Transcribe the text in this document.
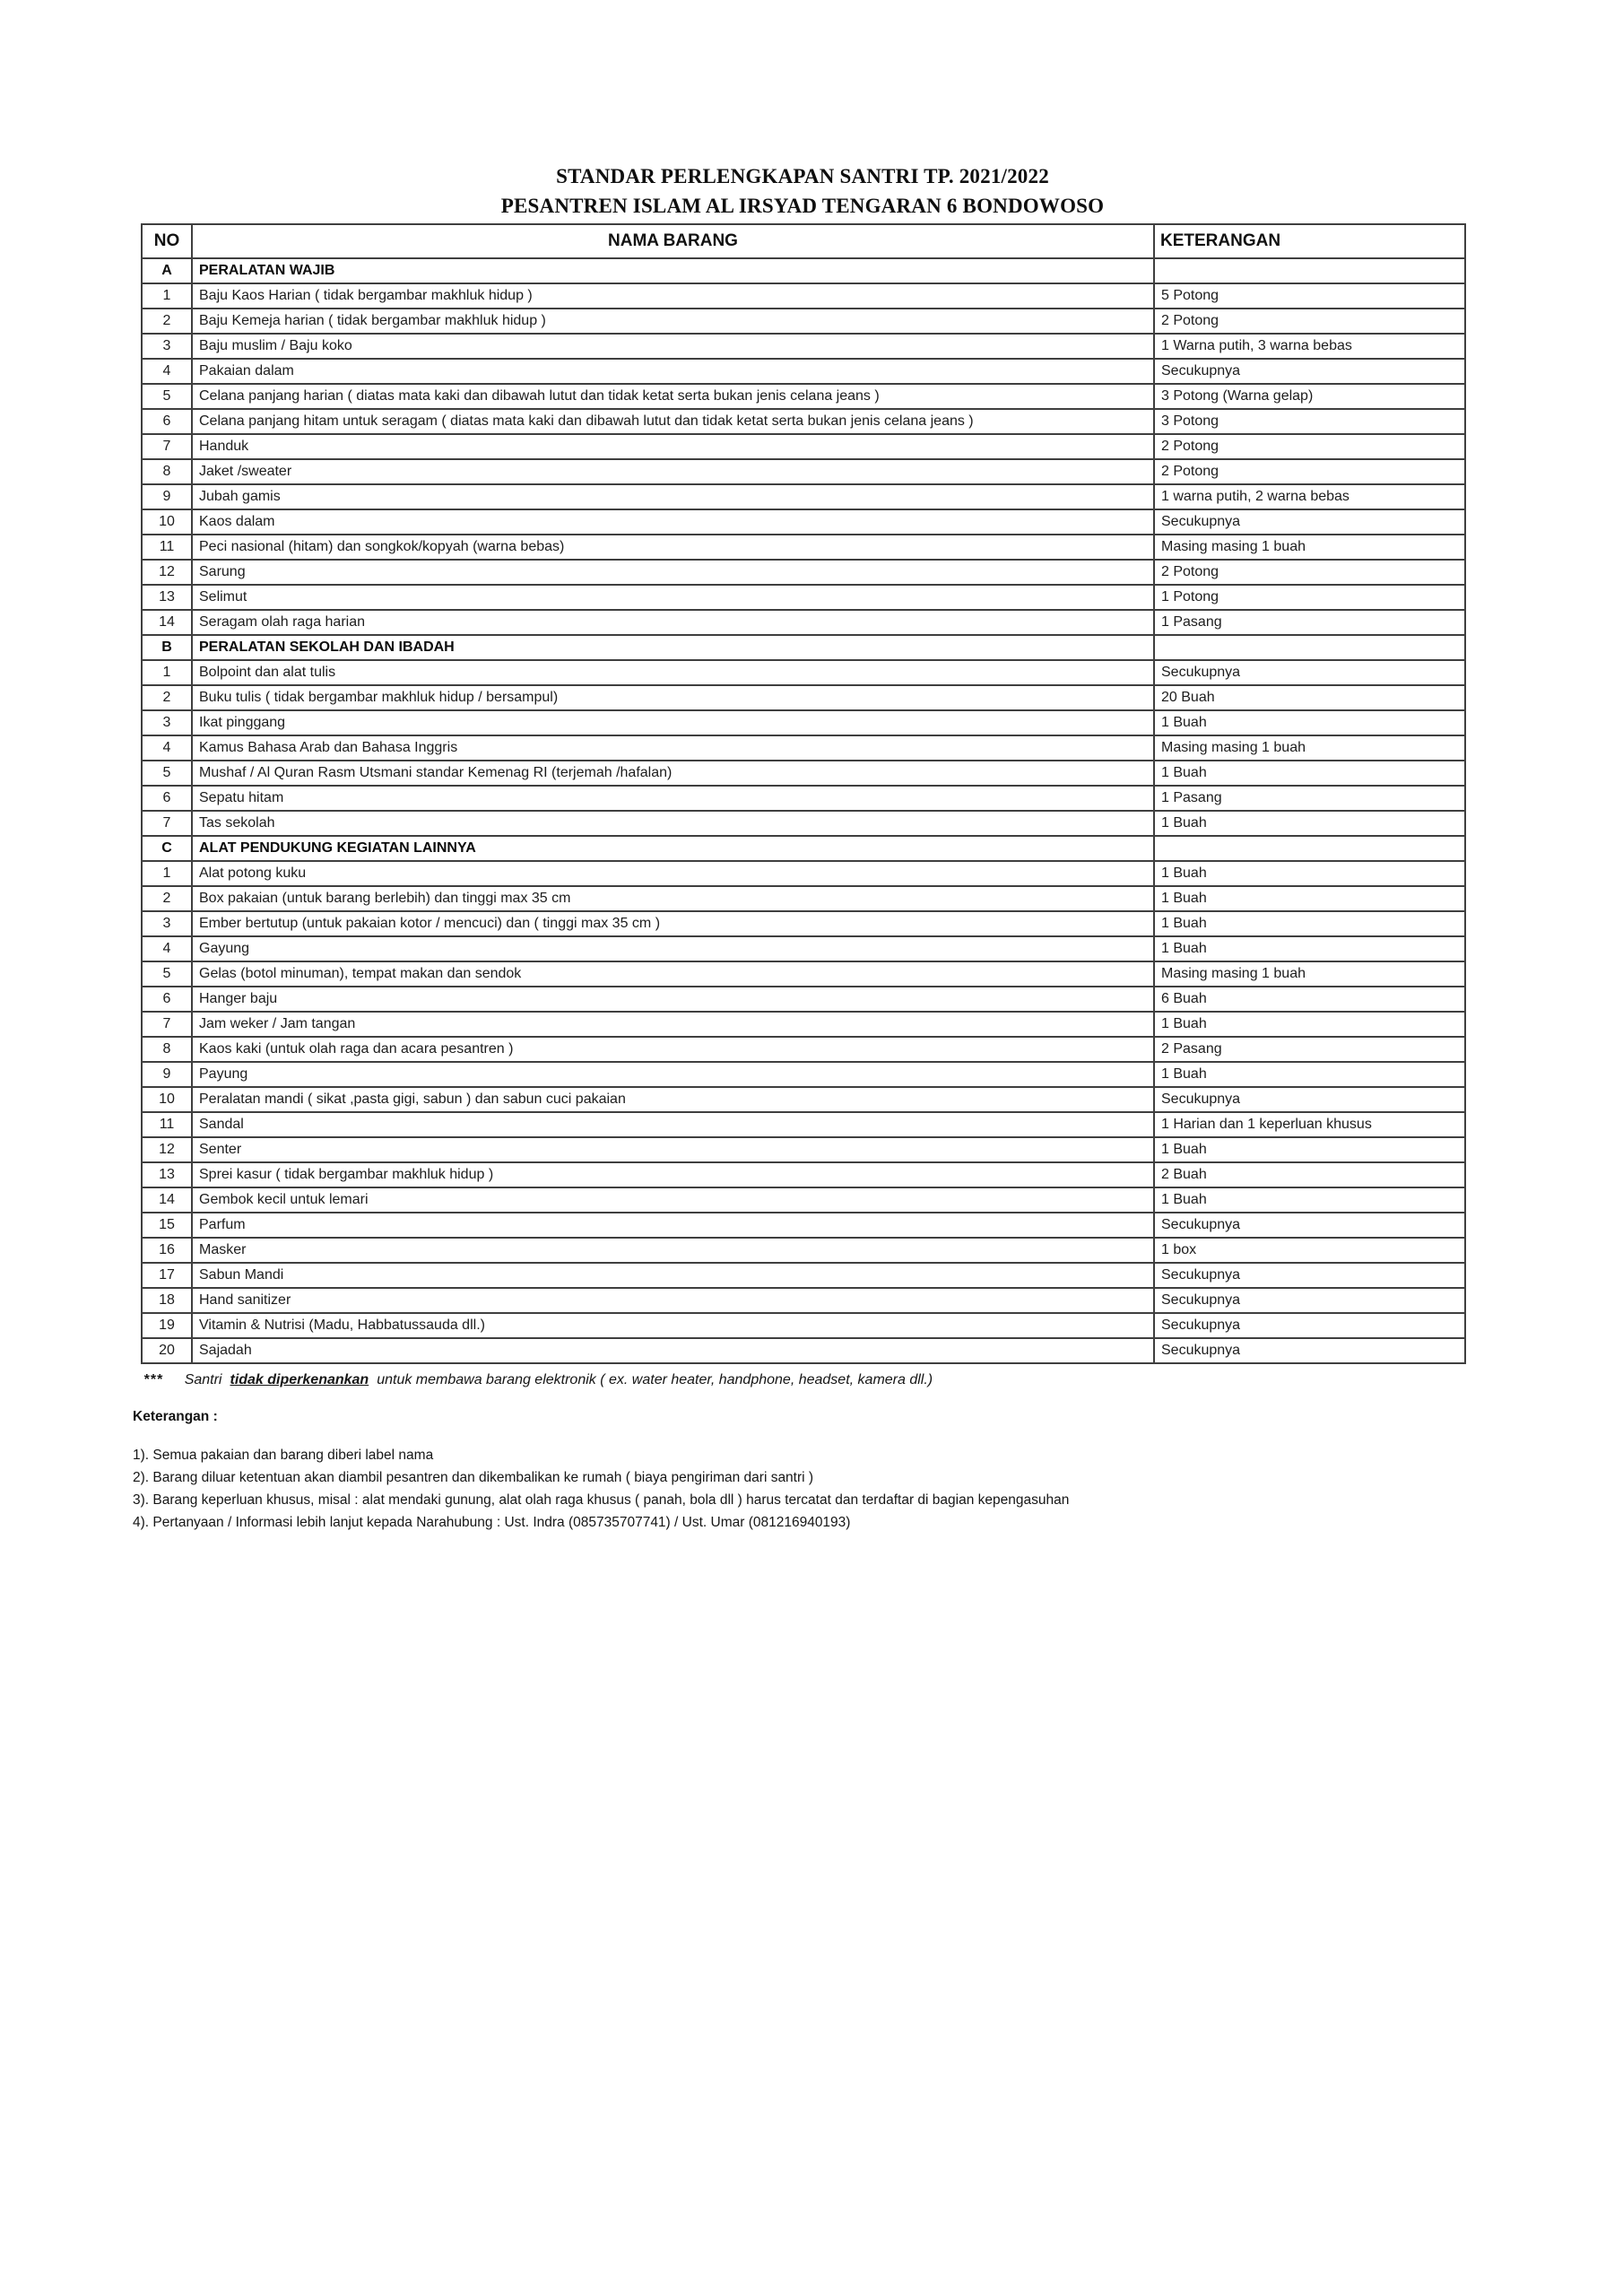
STANDAR PERLENGKAPAN SANTRI TP. 2021/2022
PESANTREN ISLAM AL IRSYAD TENGARAN 6 BONDOWOSO
NO	NAMA BARANG	KETERANGAN
A	PERALATAN WAJIB	
1	Baju Kaos Harian ( tidak bergambar makhluk hidup )	5 Potong
2	Baju Kemeja harian ( tidak bergambar makhluk hidup )	2 Potong
3	Baju muslim / Baju koko	1 Warna putih, 3 warna bebas
4	Pakaian dalam	Secukupnya
5	Celana panjang harian ( diatas mata kaki dan dibawah lutut dan tidak ketat serta bukan jenis celana jeans )	3 Potong (Warna gelap)
6	Celana panjang hitam untuk seragam ( diatas mata kaki dan dibawah lutut dan tidak ketat serta bukan jenis celana jeans )	3 Potong
7	Handuk	2 Potong
8	Jaket /sweater	2 Potong
9	Jubah gamis	1 warna putih, 2 warna bebas
10	Kaos dalam	Secukupnya
11	Peci nasional (hitam) dan songkok/kopyah (warna bebas)	Masing masing 1 buah
12	Sarung	2 Potong
13	Selimut	1 Potong
14	Seragam olah raga harian	1 Pasang
B	PERALATAN SEKOLAH DAN IBADAH	
1	Bolpoint dan alat tulis	Secukupnya
2	Buku tulis ( tidak bergambar makhluk hidup / bersampul)	20 Buah
3	Ikat pinggang	1 Buah
4	Kamus Bahasa Arab dan Bahasa Inggris	Masing masing 1 buah
5	Mushaf / Al Quran Rasm Utsmani standar Kemenag RI (terjemah /hafalan)	1 Buah
6	Sepatu hitam	1 Pasang
7	Tas sekolah	1 Buah
C	ALAT PENDUKUNG KEGIATAN LAINNYA	
1	Alat potong kuku	1 Buah
2	Box pakaian (untuk barang berlebih) dan tinggi max 35 cm	1 Buah
3	Ember bertutup (untuk pakaian kotor / mencuci) dan ( tinggi max 35 cm )	1 Buah
4	Gayung	1 Buah
5	Gelas (botol minuman), tempat makan dan sendok	Masing masing 1 buah
6	Hanger baju	6 Buah
7	Jam weker / Jam tangan	1 Buah
8	Kaos kaki (untuk olah raga dan acara pesantren )	2 Pasang
9	Payung	1 Buah
10	Peralatan mandi ( sikat ,pasta gigi, sabun ) dan sabun cuci pakaian	Secukupnya
11	Sandal	1 Harian dan 1 keperluan khusus
12	Senter	1 Buah
13	Sprei kasur ( tidak bergambar makhluk hidup )	2 Buah
14	Gembok kecil untuk lemari	1 Buah
15	Parfum	Secukupnya
16	Masker	1 box
17	Sabun Mandi	Secukupnya
18	Hand sanitizer	Secukupnya
19	Vitamin & Nutrisi (Madu, Habbatussauda dll.)	Secukupnya
20	Sajadah	Secukupnya
*** Santri tidak diperkenankan untuk membawa barang elektronik ( ex. water heater, handphone, headset, kamera dll.)
Keterangan :
1). Semua pakaian dan barang diberi label nama
2). Barang diluar ketentuan akan diambil pesantren dan dikembalikan ke rumah ( biaya pengiriman dari santri )
3). Barang keperluan khusus, misal : alat mendaki gunung, alat olah raga khusus ( panah, bola dll ) harus tercatat dan terdaftar di bagian kepengasuhan
4). Pertanyaan / Informasi lebih lanjut kepada Narahubung : Ust. Indra (085735707741) / Ust. Umar (081216940193)
